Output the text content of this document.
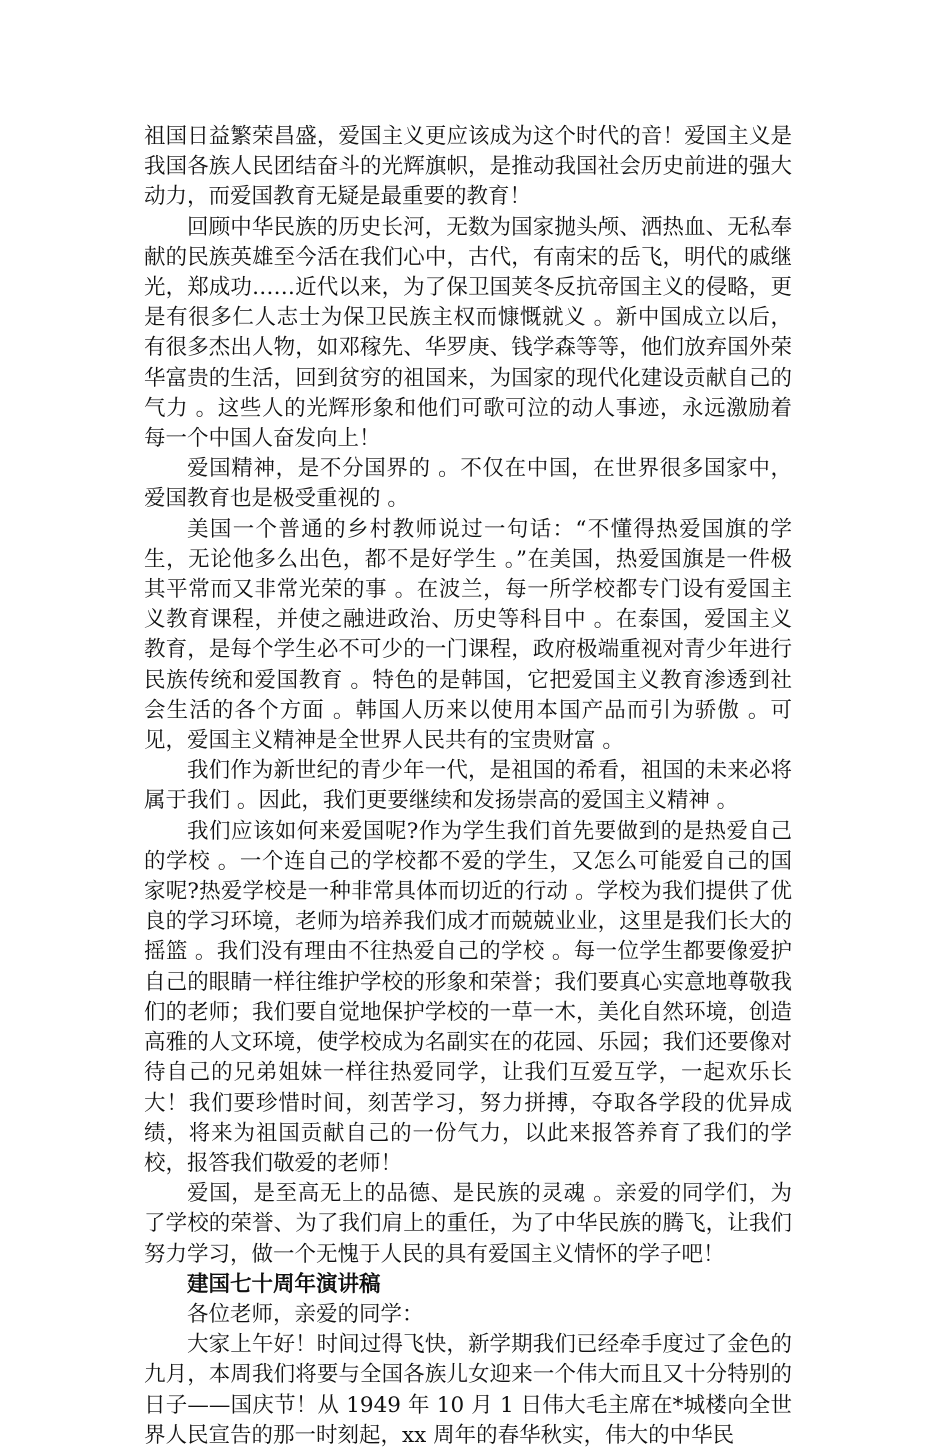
祖国日益繁荣昌盛，爱国主义更应该成为这个时代的音！爱国主义是我国各族人民团结奋斗的光辉旗帜，是推动我国社会历史前进的强大动力，而爱国教育无疑是最重要的教育！

回顾中华民族的历史长河，无数为国家抛头颅、洒热血、无私奉献的民族英雄至今活在我们心中，古代，有南宋的岳飞，明代的戚继光，郑成功……近代以来，为了保卫国荚冬反抗帝国主义的侵略，更是有很多仁人志士为保卫民族主权而慷慨就义 。新中国成立以后，有很多杰出人物，如邓稼先、华罗庚、钱学森等等，他们放弃国外荣华富贵的生活，回到贫穷的祖国来，为国家的现代化建设贡献自己的气力 。这些人的光辉形象和他们可歌可泣的动人事迹，永远激励着每一个中国人奋发向上！

爱国精神，是不分国界的 。不仅在中国，在世界很多国家中，爱国教育也是极受重视的 。

美国一个普通的乡村教师说过一句话：“不懂得热爱国旗的学生，无论他多么出色，都不是好学生 。”在美国，热爱国旗是一件极其平常而又非常光荣的事 。在波兰，每一所学校都专门设有爱国主义教育课程，并使之融进政治、历史等科目中 。在泰国，爱国主义教育，是每个学生必不可少的一门课程，政府极端重视对青少年进行民族传统和爱国教育 。特色的是韩国，它把爱国主义教育渗透到社会生活的各个方面 。韩国人历来以使用本国产品而引为骄傲 。可见，爱国主义精神是全世界人民共有的宝贵财富 。

我们作为新世纪的青少年一代，是祖国的希看，祖国的未来必将属于我们 。因此，我们更要继续和发扬崇高的爱国主义精神 。

我们应该如何来爱国呢?作为学生我们首先要做到的是热爱自己的学校 。一个连自己的学校都不爱的学生，又怎么可能爱自己的国家呢?热爱学校是一种非常具体而切近的行动 。学校为我们提供了优良的学习环境，老师为培养我们成才而兢兢业业，这里是我们长大的摇篮 。我们没有理由不往热爱自己的学校 。每一位学生都要像爱护自己的眼睛一样往维护学校的形象和荣誉；我们要真心实意地尊敬我们的老师；我们要自觉地保护学校的一草一木，美化自然环境，创造高雅的人文环境，使学校成为名副实在的花园、乐园；我们还要像对待自己的兄弟姐妹一样往热爱同学，让我们互爱互学，一起欢乐长大！我们要珍惜时间，刻苦学习，努力拼搏，夺取各学段的优异成绩，将来为祖国贡献自己的一份气力，以此来报答养育了我们的学校，报答我们敬爱的老师！

爱国，是至高无上的品德、是民族的灵魂 。亲爱的同学们，为了学校的荣誉、为了我们肩上的重任，为了中华民族的腾飞，让我们努力学习，做一个无愧于人民的具有爱国主义情怀的学子吧！

建国七十周年演讲稿

各位老师，亲爱的同学：

大家上午好！时间过得飞快，新学期我们已经牵手度过了金色的九月，本周我们将要与全国各族儿女迎来一个伟大而且又十分特别的日子——国庆节！从 1949 年 10 月 1 日伟大毛主席在*城楼向全世界人民宣告的那一时刻起，xx 周年的春华秋实，伟大的中华民
